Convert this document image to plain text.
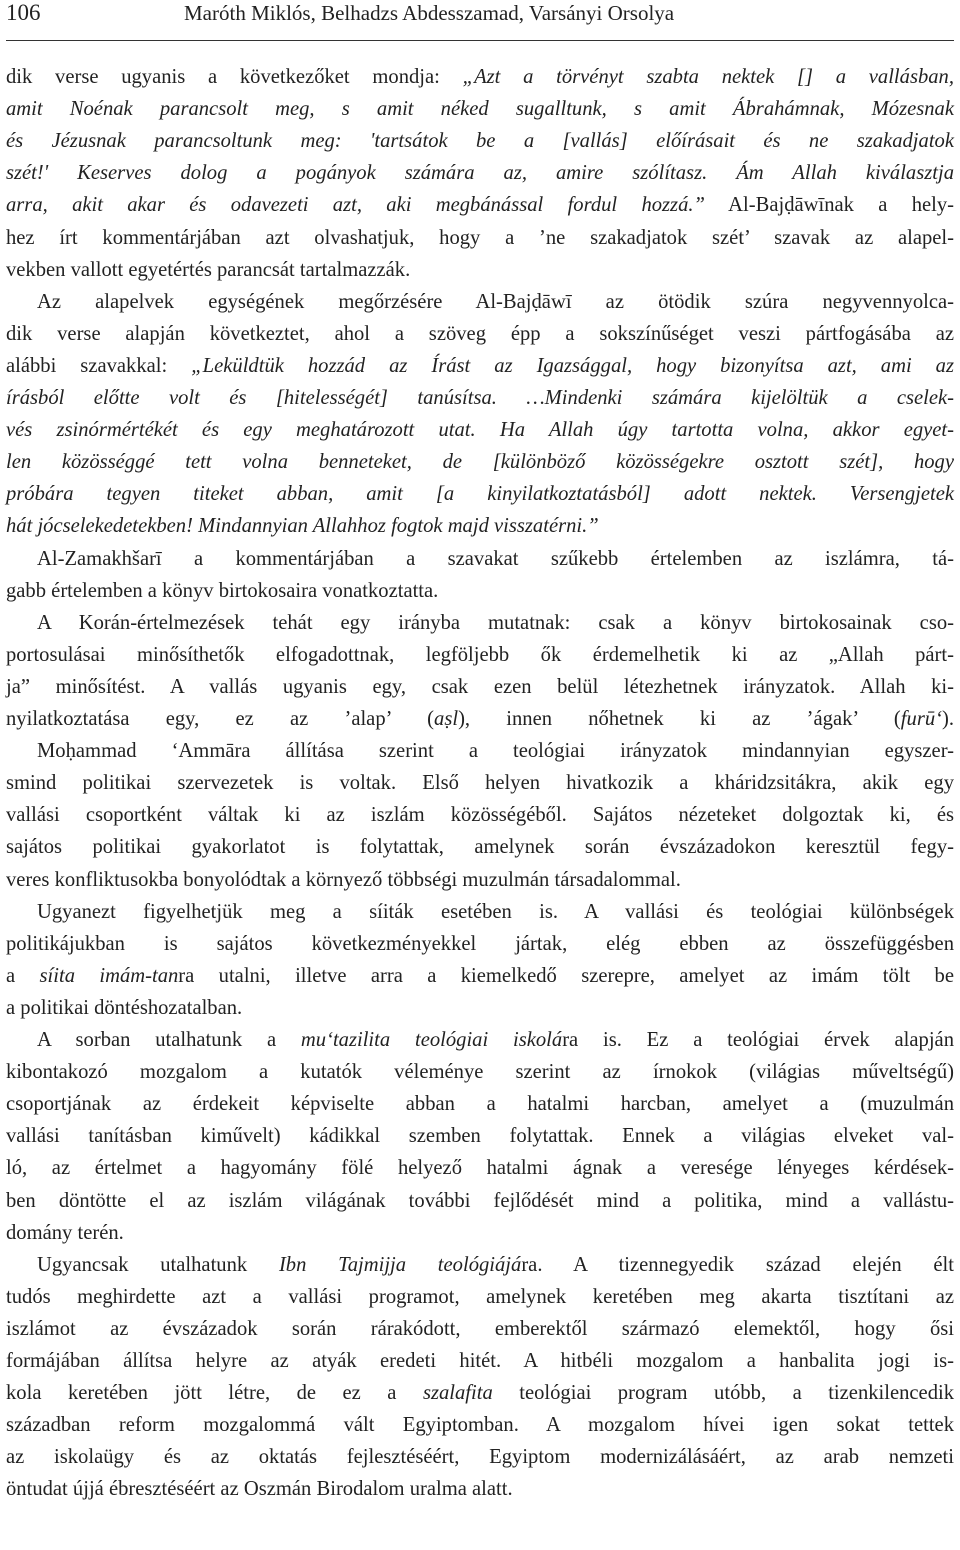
106	Maróth Miklós, Belhadzs Abdesszamad, Varsányi Orsolya
dik verse ugyanis a következőket mondja: „Azt a törvényt szabta nektek [] a vallásban,
amit Noénak parancsolt meg, s amit néked sugalltunk, s amit Ábrahámnak, Mózesnak
és Jézusnak parancsoltunk meg: 'tartsátok be a [vallás] előírásait és ne szakadjatok
szét!' Keserves dolog a pogányok számára az, amire szólítasz. Ám Allah kiválasztja
arra, akit akar és odavezeti azt, aki megbánással fordul hozzá.” Al-Bajḍāwīnak a hely-
hez írt kommentárjában azt olvashatjuk, hogy a ’ne szakadjatok szét’ szavak az alapel-
vekben vallott egyetértés parancsát tartalmazzák.
Az alapelvek egységének megőrzésére Al-Bajḍāwī az ötödik szúra negyvennyolca-
dik verse alapján következtet, ahol a szöveg épp a sokszínűséget veszi pártfogásába az
alábbi szavakkal: „Leküldtük hozzád az Írást az Igazsággal, hogy bizonyítsa azt, ami az
írásból előtte volt és [hitelességét] tanúsítsa. …Mindenki számára kijelöltük a cselek-
vés zsinórmértékét és egy meghatározott utat. Ha Allah úgy tartotta volna, akkor egyet-
len közösséggé tett volna benneteket, de [különböző közösségekre osztott szét], hogy
próbára tegyen titeket abban, amit [a kinyilatkoztatásból] adott nektek. Versengjetek
hát jócselekedetekben! Mindannyian Allahhoz fogtok majd visszatérni.”
Al-Zamakhšarī a kommentárjában a szavakat szűkebb értelemben az iszlámra, tá-
gabb értelemben a könyv birtokosaira vonatkoztatta.
A Korán-értelmezések tehát egy irányba mutatnak: csak a könyv birtokosainak cso-
portosulásai minősíthetők elfogadottnak, legföljebb ők érdemelhetik ki az „Allah párt-
ja” minősítést. A vallás ugyanis egy, csak ezen belül létezhetnek irányzatok. Allah ki-
nyilatkoztatása egy, ez az ’alap’ (aṣl), innen nőhetnek ki az ’ágak’ (furū‘).
Moḥammad ‘Ammāra állítása szerint a teológiai irányzatok mindannyian egyszer-
smind politikai szervezetek is voltak. Első helyen hivatkozik a kháridzsitákra, akik egy
vallási csoportként váltak ki az iszlám közösségéből. Sajátos nézeteket dolgoztak ki, és
sajátos politikai gyakorlatot is folytattak, amelynek során évszázadokon keresztül fegy-
veres konfliktusokba bonyolódtak a környező többségi muzulmán társadalommal.
Ugyanezt figyelhetjük meg a síiták esetében is. A vallási és teológiai különbségek
politikájukban is sajátos következményekkel jártak, elég ebben az összefüggésben
a síita imám-tanra utalni, illetve arra a kiemelkedő szerepre, amelyet az imám tölt be
a politikai döntéshozatalban.
A sorban utalhatunk a mu‘tazilita teológiai iskolára is. Ez a teológiai érvek alapján
kibontakozó mozgalom a kutatók véleménye szerint az írnokok (világias műveltségű)
csoportjának az érdekeit képviselte abban a hatalmi harcban, amelyet a (muzulmán
vallási tanításban kiművelt) kádikkal szemben folytattak. Ennek a világias elveket val-
ló, az értelmet a hagyomány fölé helyező hatalmi ágnak a veresége lényeges kérdések-
ben döntötte el az iszlám világának további fejlődését mind a politika, mind a vallástu-
domány terén.
Ugyancsak utalhatunk Ibn Tajmijja teológiájára. A tizennegyedik század elején élt
tudós meghirdette azt a vallási programot, amelynek keretében meg akarta tisztítani az
iszlámot az évszázadok során rárakódott, emberektől származó elemektől, hogy ősi
formájában állítsa helyre az atyák eredeti hitét. A hitbéli mozgalom a hanbalita jogi is-
kola keretében jött létre, de ez a szalafita teológiai program utóbb, a tizenkilencedik
században reform mozgalommá vált Egyiptomban. A mozgalom hívei igen sokat tettek
az iskolaügy és az oktatás fejlesztéséért, Egyiptom modernizálásáért, az arab nemzeti
öntudat újjá ébresztéséért az Oszmán Birodalom uralma alatt.
